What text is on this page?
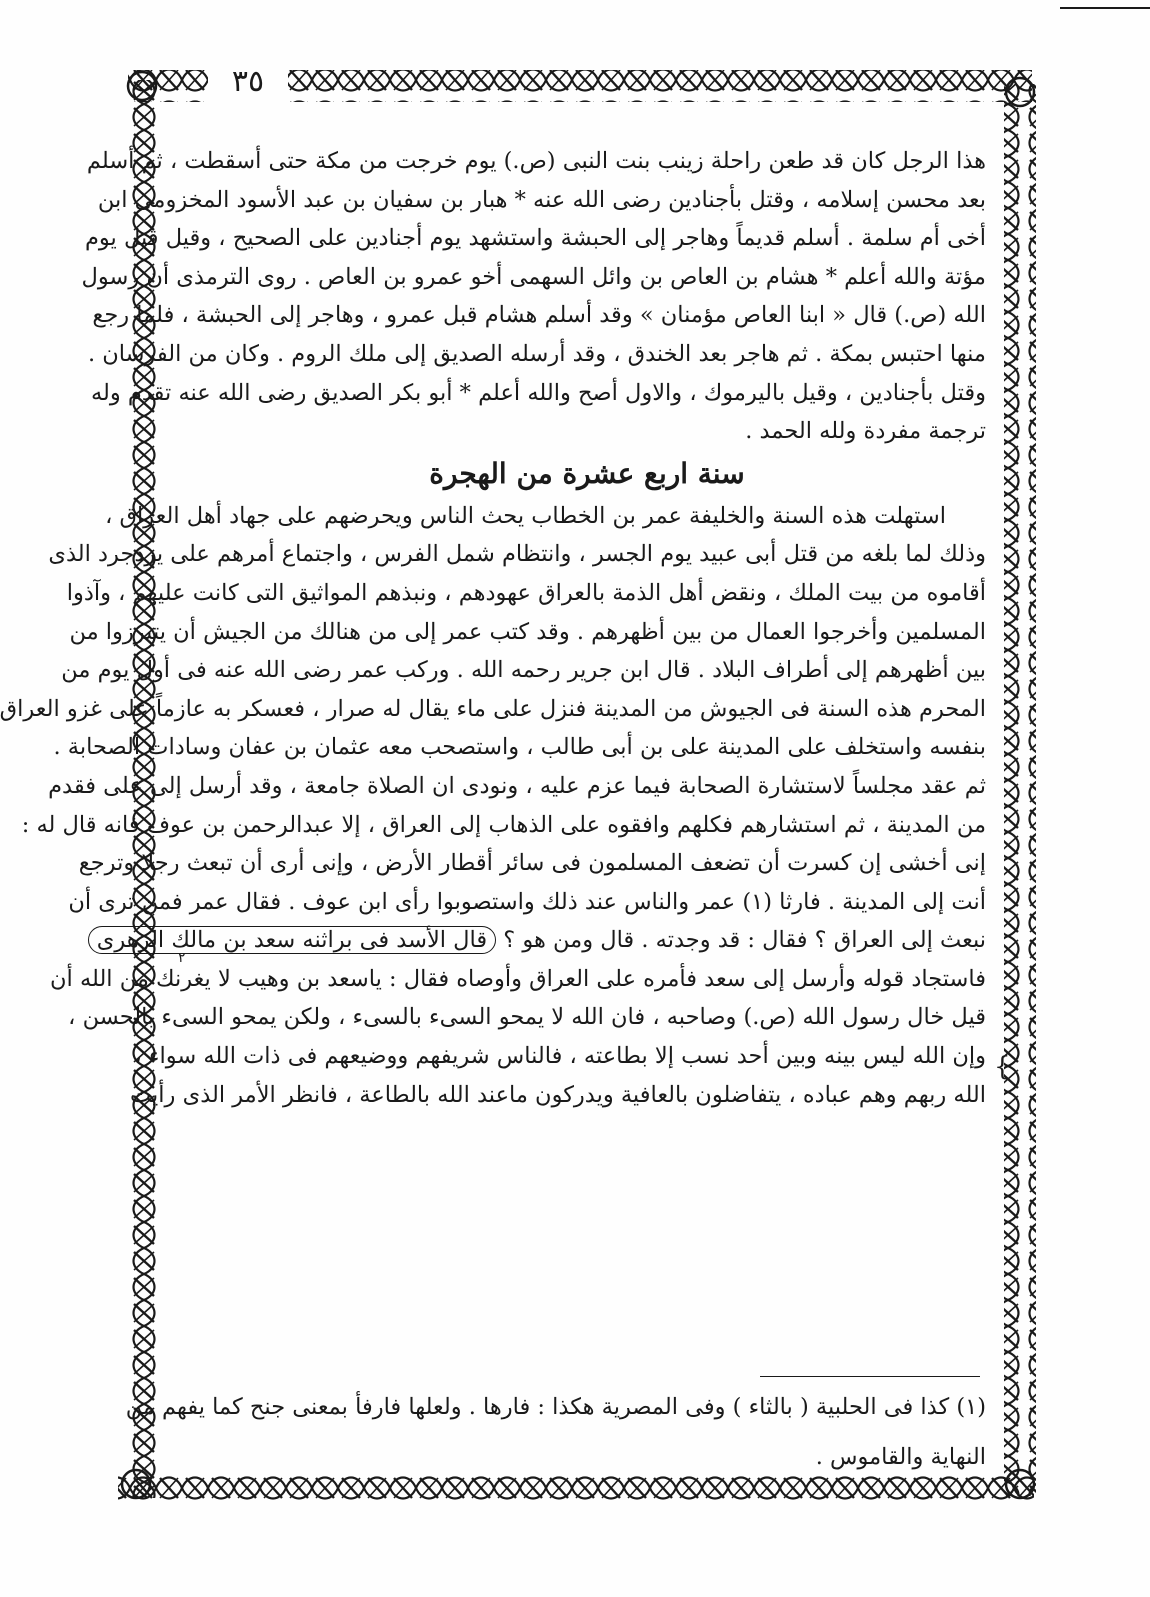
٣٥
هذا الرجل كان قد طعن راحلة زينب بنت النبى (ص.) يوم خرجت من مكة حتى أسقطت ، ثم أسلم
بعد محسن إسلامه ، وقتل بأجنادين رضى الله عنه * هبار بن سفيان بن عبد الأسود المخزومى ابن
أخى أم سلمة . أسلم قديماً وهاجر إلى الحبشة واستشهد يوم أجنادين على الصحيح ، وقيل قتل يوم
مؤتة والله أعلم * هشام بن العاص بن وائل السهمى أخو عمرو بن العاص . روى الترمذى أن رسول
الله (ص.) قال « ابنا العاص مؤمنان » وقد أسلم هشام قبل عمرو ، وهاجر إلى الحبشة ، فلما رجع
منها احتبس بمكة . ثم هاجر بعد الخندق ، وقد أرسله الصديق إلى ملك الروم . وكان من الفرسان .
وقتل بأجنادين ، وقيل باليرموك ، والاول أصح والله أعلم * أبو بكر الصديق رضى الله عنه تقدم وله
ترجمة مفردة ولله الحمد .
سنة اربع عشرة من الهجرة
استهلت هذه السنة والخليفة عمر بن الخطاب يحث الناس ويحرضهم على جهاد أهل العراق ،
وذلك لما بلغه من قتل أبى عبيد يوم الجسر ، وانتظام شمل الفرس ، واجتماع أمرهم على يزدجرد الذى
أقاموه من بيت الملك ، ونقض أهل الذمة بالعراق عهودهم ، ونبذهم المواثيق التى كانت عليهم ، وآذوا
المسلمين وأخرجوا العمال من بين أظهرهم . وقد كتب عمر إلى من هنالك من الجيش أن يتبرزوا من
بين أظهرهم إلى أطراف البلاد . قال ابن جرير رحمه الله . وركب عمر رضى الله عنه فى أول يوم من
المحرم هذه السنة فى الجيوش من المدينة فنزل على ماء يقال له صرار ، فعسكر به عازماً على غزو العراق
بنفسه واستخلف على المدينة على بن أبى طالب ، واستصحب معه عثمان بن عفان وسادات الصحابة .
ثم عقد مجلساً لاستشارة الصحابة فيما عزم عليه ، ونودى ان الصلاة جامعة ، وقد أرسل إلى على فقدم
من المدينة ، ثم استشارهم فكلهم وافقوه على الذهاب إلى العراق ، إلا عبدالرحمن بن عوف فانه قال له :
إنى أخشى إن كسرت أن تضعف المسلمون فى سائر أقطار الأرض ، وإنى أرى أن تبعث رجلا وترجع
أنت إلى المدينة . فارثا (١) عمر والناس عند ذلك واستصوبوا رأى ابن عوف . فقال عمر فمن ترى أن
نبعث إلى العراق ؟ فقال : قد وجدته . قال ومن هو ؟ قال الأسد فى براثنه سعد بن مالك الزهرى
فاستجاد قوله وأرسل إلى سعد فأمره على العراق وأوصاه فقال : ياسعد بن وهيب لا يغرنك من الله أن
قيل خال رسول الله (ص.) وصاحبه ، فان الله لا يمحو السىء بالسىء ، ولكن يمحو السىء بالحسن ،
وإن الله ليس بينه وبين أحد نسب إلا بطاعته ، فالناس شريفهم ووضيعهم فى ذات الله سواء ،
الله ربهم وهم عباده ، يتفاضلون بالعافية ويدركون ماعند الله بالطاعة ، فانظر الأمر الذى رأيت
(١) كذا فى الحلبية ( بالثاء ) وفى المصرية هكذا : فارها . ولعلها فارفأ بمعنى جنح كما يفهم من
النهاية والقاموس .
{
٢
